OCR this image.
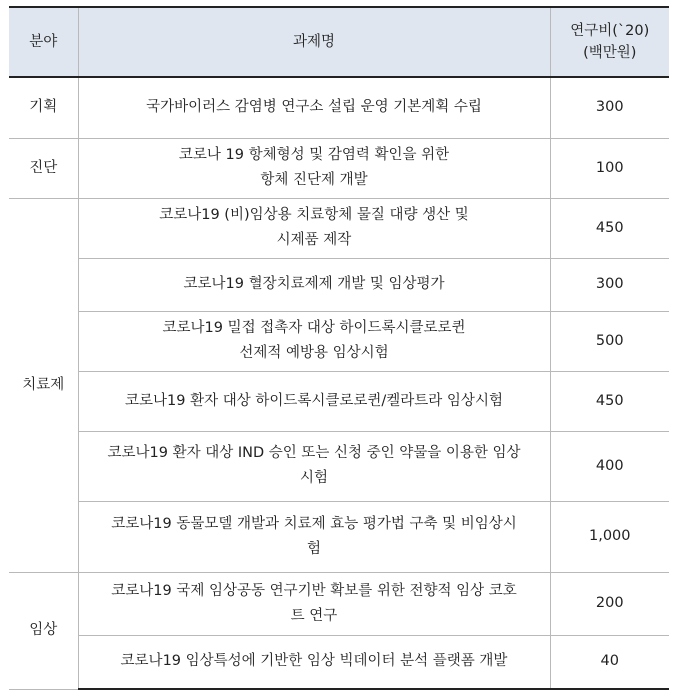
분야	과제명	연구비(`20)
(백만원)

기획	국가바이러스 감염병 연구소 설립 운영 기본계획 수립	300
진단	코로나 19 항체형성 및 감염력 확인을 위한
항체 진단제 개발	100
치료제	코로나19 (비)임상용 치료항체 물질 대량 생산 및
시제품 제작	450

	코로나19 혈장치료제제 개발 및 임상평가	300

	코로나19 밀접 접촉자 대상 하이드록시클로로퀸
선제적 예방용 임상시험	500

	코로나19 환자 대상 하이드록시클로로퀸/켈라트라 임상시험	450

	코로나19 환자 대상 IND 승인 또는 신청 중인 약물을 이용한 임상
시험	400

	코로나19 동물모델 개발과 치료제 효능 평가법 구축 및 비임상시
험	1,000
임상	코로나19 국제 임상공동 연구기반 확보를 위한 전향적 임상 코호
트 연구	200

	코로나19 임상특성에 기반한 임상 빅데이터 분석 플랫폼 개발	40
